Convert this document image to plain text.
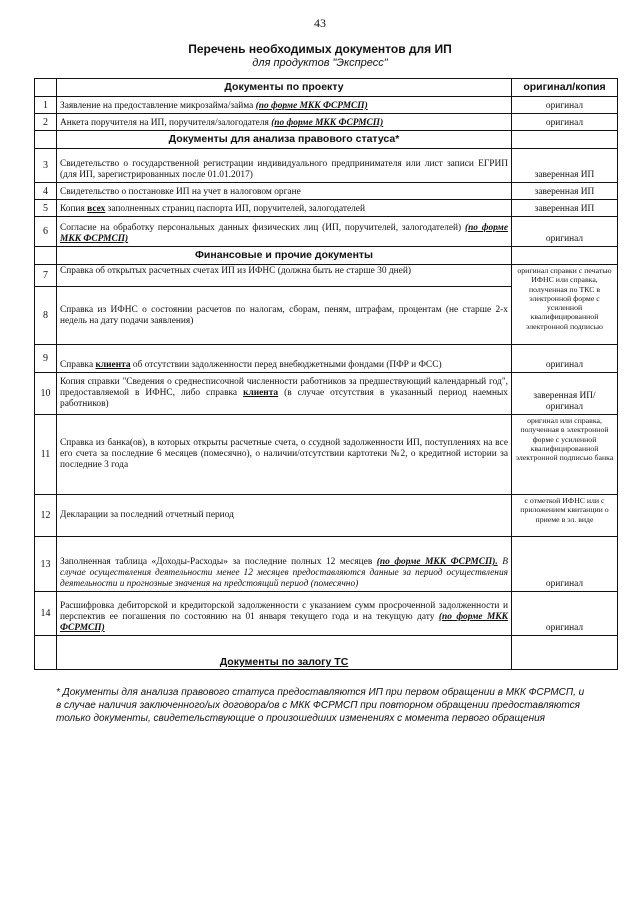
43
Перечень необходимых документов для ИП
для продуктов "Экспресс"
	Документы по проекту	оригинал/копия
1	Заявление на предоставление микрозайма/займа (по форме МКК ФСРМСП)	оригинал
2	Анкета поручителя на ИП, поручителя/залогодателя (по форме МКК ФСРМСП)	оригинал
	Документы для анализа правового статуса*	
3	Свидетельство о государственной регистрации индивидуального предпринимателя или лист записи ЕГРИП (для ИП, зарегистрированных после 01.01.2017)	заверенная ИП
4	Свидетельство о постановке ИП на учет в налоговом органе	заверенная ИП
5	Копия всех заполненных страниц паспорта ИП, поручителей, залогодателей	заверенная ИП
6	Согласие на обработку персональных данных физических лиц (ИП, поручителей, залогодателей) (по форме МКК ФСРМСП)	оригинал
	Финансовые и прочие документы	
7	Справка об открытых расчетных счетах ИП из ИФНС (должна быть не старше 30 дней)	оригинал справки с печатью ИФНС или справка, полученная по ТКС в электронной форме с усиленной квалифицированной электронной подписью
8	Справка из ИФНС о состоянии расчетов по налогам, сборам, пеням, штрафам, процентам (не старше 2-х недель на дату подачи заявления)	
9	Справка клиента об отсутствии задолженности перед внебюджетными фондами (ПФР и ФСС)	оригинал
10	Копия справки "Сведения о среднесписочной численности работников за предшествующий календарный год", предоставляемой в ИФНС, либо справка клиента (в случае отсутствия в указанный период наемных работников)	заверенная ИП/ оригинал
11	Справка из банка(ов), в которых открыты расчетные счета, о ссудной задолженности ИП, поступлениях на все его счета за последние 6 месяцев (помесячно), о наличии/отсутствии картотеки №2, о кредитной истории за последние 3 года	оригинал или справка, полученная в электронной форме с усиленной квалифицированной электронной подписью банка
12	Декларации за последний отчетный период	с отметкой ИФНС или с приложением квитанции о приеме в эл. виде
13	Заполненная таблица «Доходы-Расходы» за последние полных 12 месяцев (по форме МКК ФСРМСП). В случае осуществления деятельности менее 12 месяцев предоставляются данные за период осуществления деятельности и прогнозные значения на предстоящий период (помесячно)	оригинал
14	Расшифровка дебиторской и кредиторской задолженности с указанием сумм просроченной задолженности и перспектив ее погашения по состоянию на 01 января текущего года и на текущую дату (по форме МКК ФСРМСП)	оригинал
	Документы по залогу ТС	
* Документы для анализа правового статуса предоставляются ИП при первом обращении в МКК ФСРМСП, и в случае наличия заключенного/ых договора/ов с МКК ФСРМСП при повторном обращении предоставляются только документы, свидетельствующие о произошедших изменениях с момента первого обращения
